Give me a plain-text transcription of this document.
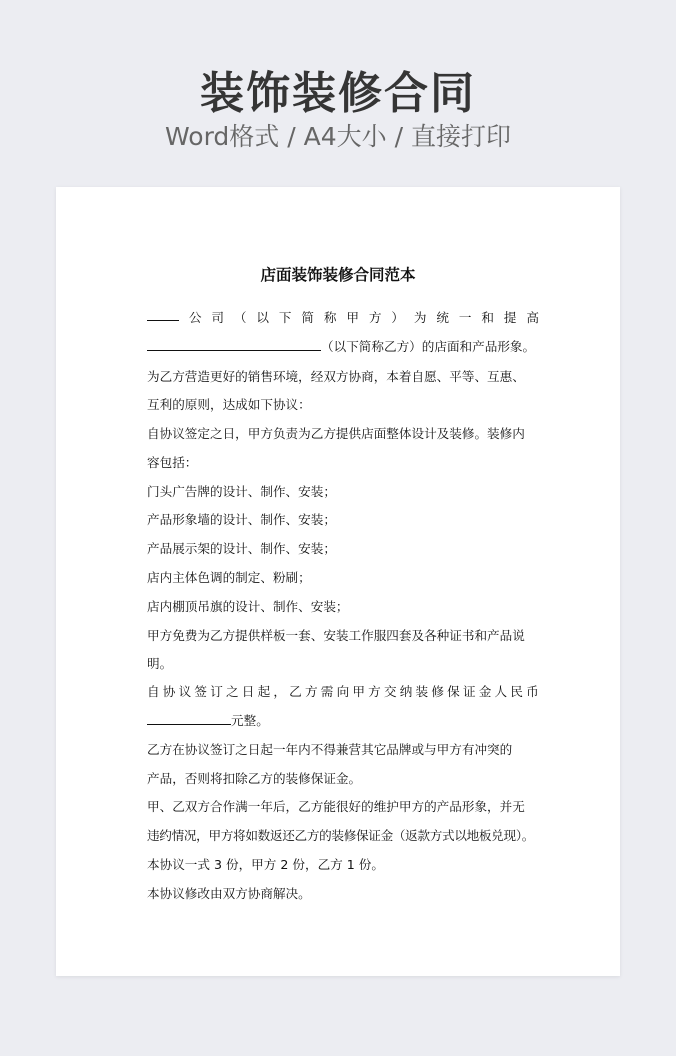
装饰装修合同
Word格式 / A4大小 / 直接打印
店面装饰装修合同范本
公 司 （ 以 下 简 称 甲 方 ） 为 统 一 和 提 高
（以下简称乙方）的店面和产品形象。
为乙方营造更好的销售环境，经双方协商，本着自愿、平等、互惠、
互利的原则，达成如下协议：
自协议签定之日，甲方负责为乙方提供店面整体设计及装修。装修内
容包括：
门头广告牌的设计、制作、安装；
产品形象墙的设计、制作、安装；
产品展示架的设计、制作、安装；
店内主体色调的制定、粉刷；
店内棚顶吊旗的设计、制作、安装；
甲方免费为乙方提供样板一套、安装工作服四套及各种证书和产品说
明。
自 协 议 签 订 之 日 起 ， 乙 方 需 向 甲 方 交 纳 装 修 保 证 金 人 民 币
元整。
乙方在协议签订之日起一年内不得兼营其它品牌或与甲方有冲突的
产品，否则将扣除乙方的装修保证金。
甲、乙双方合作满一年后，乙方能很好的维护甲方的产品形象，并无
违约情况，甲方将如数返还乙方的装修保证金（返款方式以地板兑现）。
本协议一式 3 份，甲方 2 份，乙方 1 份。
本协议修改由双方协商解决。
